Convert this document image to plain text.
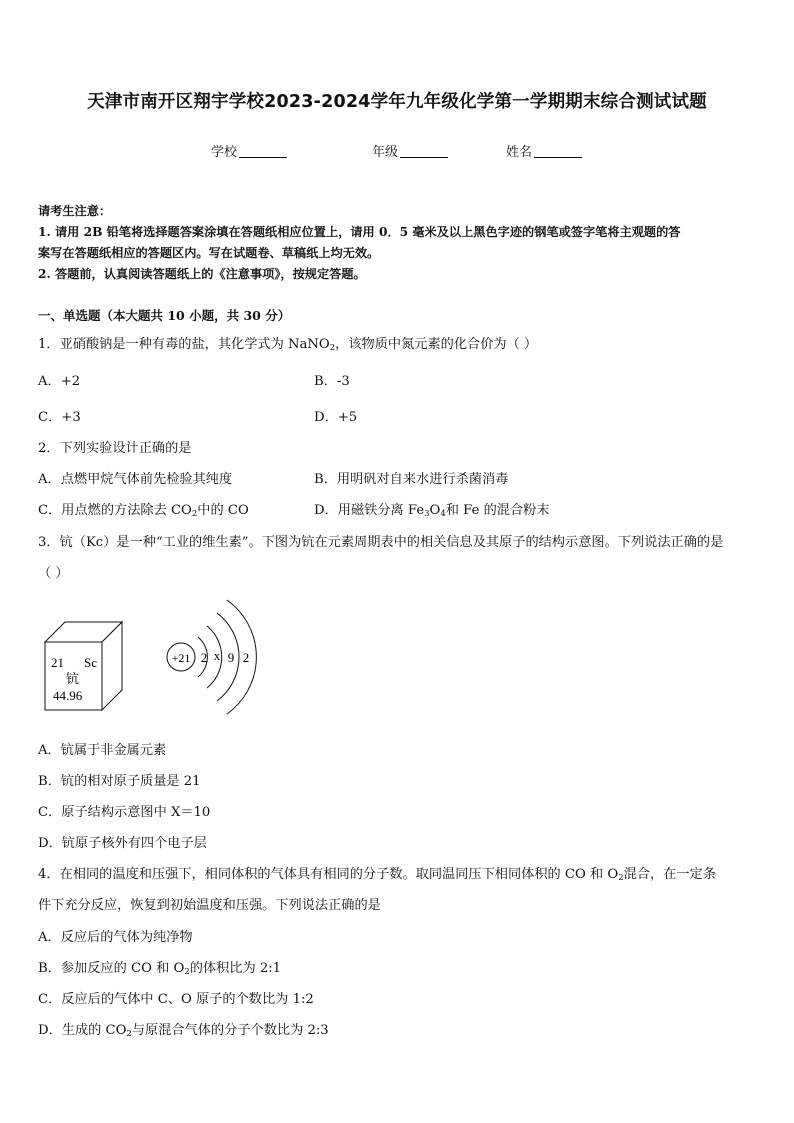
天津市南开区翔宇学校2023-2024学年九年级化学第一学期期末综合测试试题
学校	年级	姓名
请考生注意：
1. 请用 2B 铅笔将选择题答案涂填在答题纸相应位置上，请用 0．5 毫米及以上黑色字迹的钢笔或签字笔将主观题的答
案写在答题纸相应的答题区内。写在试题卷、草稿纸上均无效。
2. 答题前，认真阅读答题纸上的《注意事项》，按规定答题。
一、单选题（本大题共 10 小题，共 30 分）
1．亚硝酸钠是一种有毒的盐，其化学式为 NaNO$_2$，该物质中氮元素的化合价为（ ）
A．+2	B．-3
C．+3	D．+5
2．下列实验设计正确的是
A．点燃甲烷气体前先检验其纯度	B．用明矾对自来水进行杀菌消毒
C．用点燃的方法除去 $CO_2$中的 CO	D．用磁铁分离 $Fe_3O_4$和 Fe 的混合粉末
3．钪（Kc）是一种“工业的维生素”。下图为钪在元素周期表中的相关信息及其原子的结构示意图。下列说法正确的是
（ ）
21 Sc
钪
44.96
+21 2 x 9 2
A．钪属于非金属元素
B．钪的相对原子质量是 21
C．原子结构示意图中 X＝10
D．钪原子核外有四个电子层
4．在相同的温度和压强下，相同体积的气体具有相同的分子数。取同温同压下相同体积的 CO 和 $O_2$混合，在一定条
件下充分反应，恢复到初始温度和压强。下列说法正确的是
A．反应后的气体为纯净物
B．参加反应的 CO 和 $O_2$的体积比为 2:1
C．反应后的气体中 C、O 原子的个数比为 1:2
D．生成的 $CO_2$与原混合气体的分子个数比为 2:3
